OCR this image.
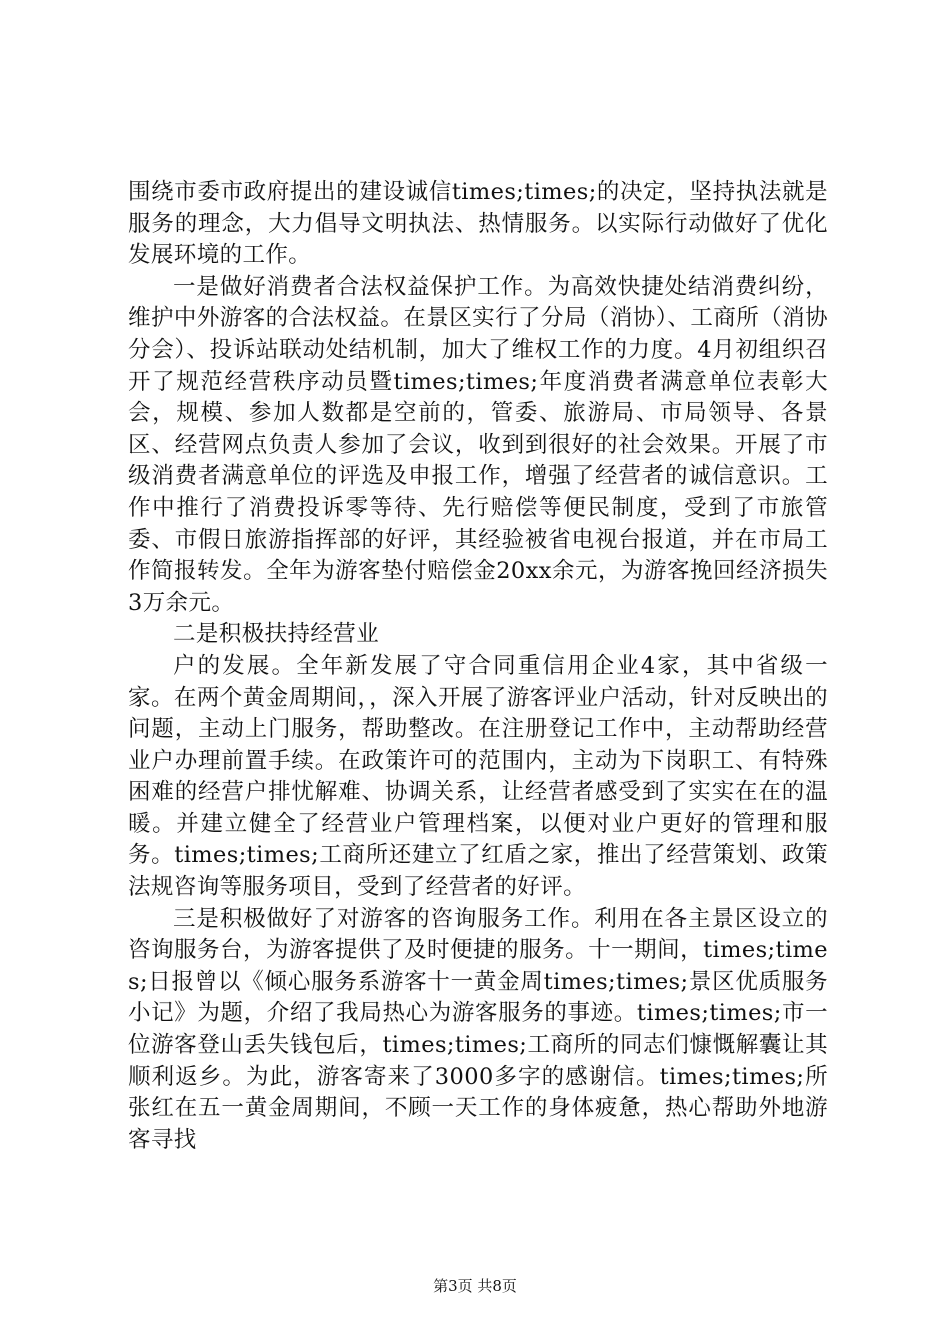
围绕市委市政府提出的建设诚信times;times;的决定，坚持执法就是服务的理念，大力倡导文明执法、热情服务。以实际行动做好了优化发展环境的工作。

一是做好消费者合法权益保护工作。为高效快捷处结消费纠纷，维护中外游客的合法权益。在景区实行了分局（消协）、工商所（消协分会）、投诉站联动处结机制，加大了维权工作的力度。4月初组织召开了规范经营秩序动员暨times;times;年度消费者满意单位表彰大会，规模、参加人数都是空前的，管委、旅游局、市局领导、各景区、经营网点负责人参加了会议，收到到很好的社会效果。开展了市级消费者满意单位的评选及申报工作，增强了经营者的诚信意识。工作中推行了消费投诉零等待、先行赔偿等便民制度，受到了市旅管委、市假日旅游指挥部的好评，其经验被省电视台报道，并在市局工作简报转发。全年为游客垫付赔偿金20xx余元，为游客挽回经济损失3万余元。

二是积极扶持经营业

户的发展。全年新发展了守合同重信用企业4家，其中省级一家。在两个黄金周期间，，深入开展了游客评业户活动，针对反映出的问题，主动上门服务，帮助整改。在注册登记工作中，主动帮助经营业户办理前置手续。在政策许可的范围内，主动为下岗职工、有特殊困难的经营户排忧解难、协调关系，让经营者感受到了实实在在的温暖。并建立健全了经营业户管理档案，以便对业户更好的管理和服务。times;times;工商所还建立了红盾之家，推出了经营策划、政策法规咨询等服务项目，受到了经营者的好评。

三是积极做好了对游客的咨询服务工作。利用在各主景区设立的咨询服务台，为游客提供了及时便捷的服务。十一期间，times;times;日报曾以《倾心服务系游客十一黄金周times;times;景区优质服务小记》为题，介绍了我局热心为游客服务的事迹。times;times;市一位游客登山丢失钱包后，times;times;工商所的同志们慷慨解囊让其顺利返乡。为此，游客寄来了3000多字的感谢信。times;times;所张红在五一黄金周期间，不顾一天工作的身体疲惫，热心帮助外地游客寻找

第3页 共8页
